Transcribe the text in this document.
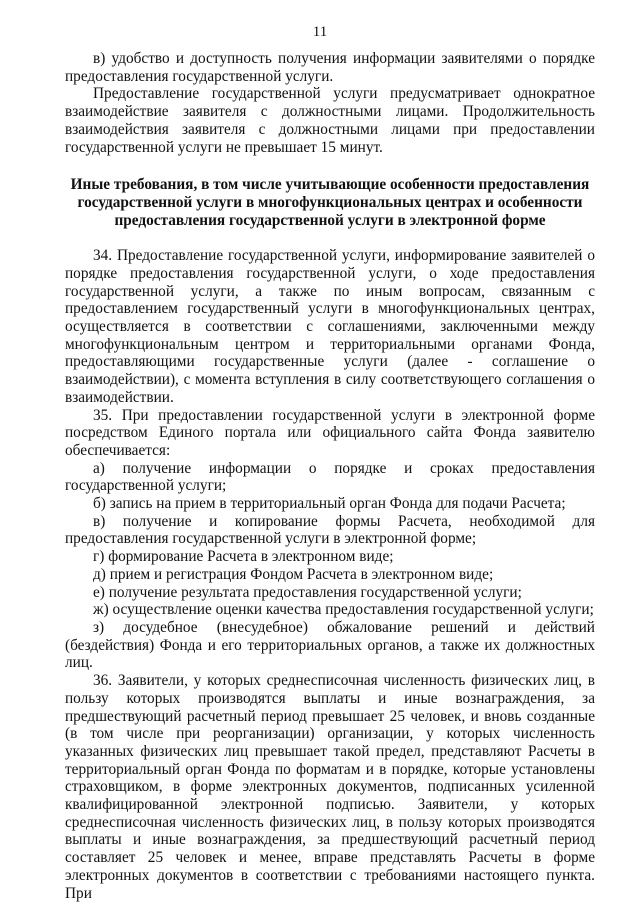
11

в) удобство и доступность получения информации заявителями о порядке предоставления государственной услуги.

Предоставление государственной услуги предусматривает однократное взаимодействие заявителя с должностными лицами. Продолжительность взаимодействия заявителя с должностными лицами при предоставлении государственной услуги не превышает 15 минут.

Иные требования, в том числе учитывающие особенности предоставления государственной услуги в многофункциональных центрах и особенности предоставления государственной услуги в электронной форме

34. Предоставление государственной услуги, информирование заявителей о порядке предоставления государственной услуги, о ходе предоставления государственной услуги, а также по иным вопросам, связанным с предоставлением государственный услуги в многофункциональных центрах, осуществляется в соответствии с соглашениями, заключенными между многофункциональным центром и территориальными органами Фонда, предоставляющими государственные услуги (далее - соглашение о взаимодействии), с момента вступления в силу соответствующего соглашения о взаимодействии.

35. При предоставлении государственной услуги в электронной форме посредством Единого портала или официального сайта Фонда заявителю обеспечивается:

а) получение информации о порядке и сроках предоставления государственной услуги;

б) запись на прием в территориальный орган Фонда для подачи Расчета;

в) получение и копирование формы Расчета, необходимой для предоставления государственной услуги в электронной форме;

г) формирование Расчета в электронном виде;

д) прием и регистрация Фондом Расчета в электронном виде;

е) получение результата предоставления государственной услуги;

ж) осуществление оценки качества предоставления государственной услуги;

з) досудебное (внесудебное) обжалование решений и действий (бездействия) Фонда и его территориальных органов, а также их должностных лиц.

36. Заявители, у которых среднесписочная численность физических лиц, в пользу которых производятся выплаты и иные вознаграждения, за предшествующий расчетный период превышает 25 человек, и вновь созданные (в том числе при реорганизации) организации, у которых численность указанных физических лиц превышает такой предел, представляют Расчеты в территориальный орган Фонда по форматам и в порядке, которые установлены страховщиком, в форме электронных документов, подписанных усиленной квалифицированной электронной подписью. Заявители, у которых среднесписочная численность физических лиц, в пользу которых производятся выплаты и иные вознаграждения, за предшествующий расчетный период составляет 25 человек и менее, вправе представлять Расчеты в форме электронных документов в соответствии с требованиями настоящего пункта. При
